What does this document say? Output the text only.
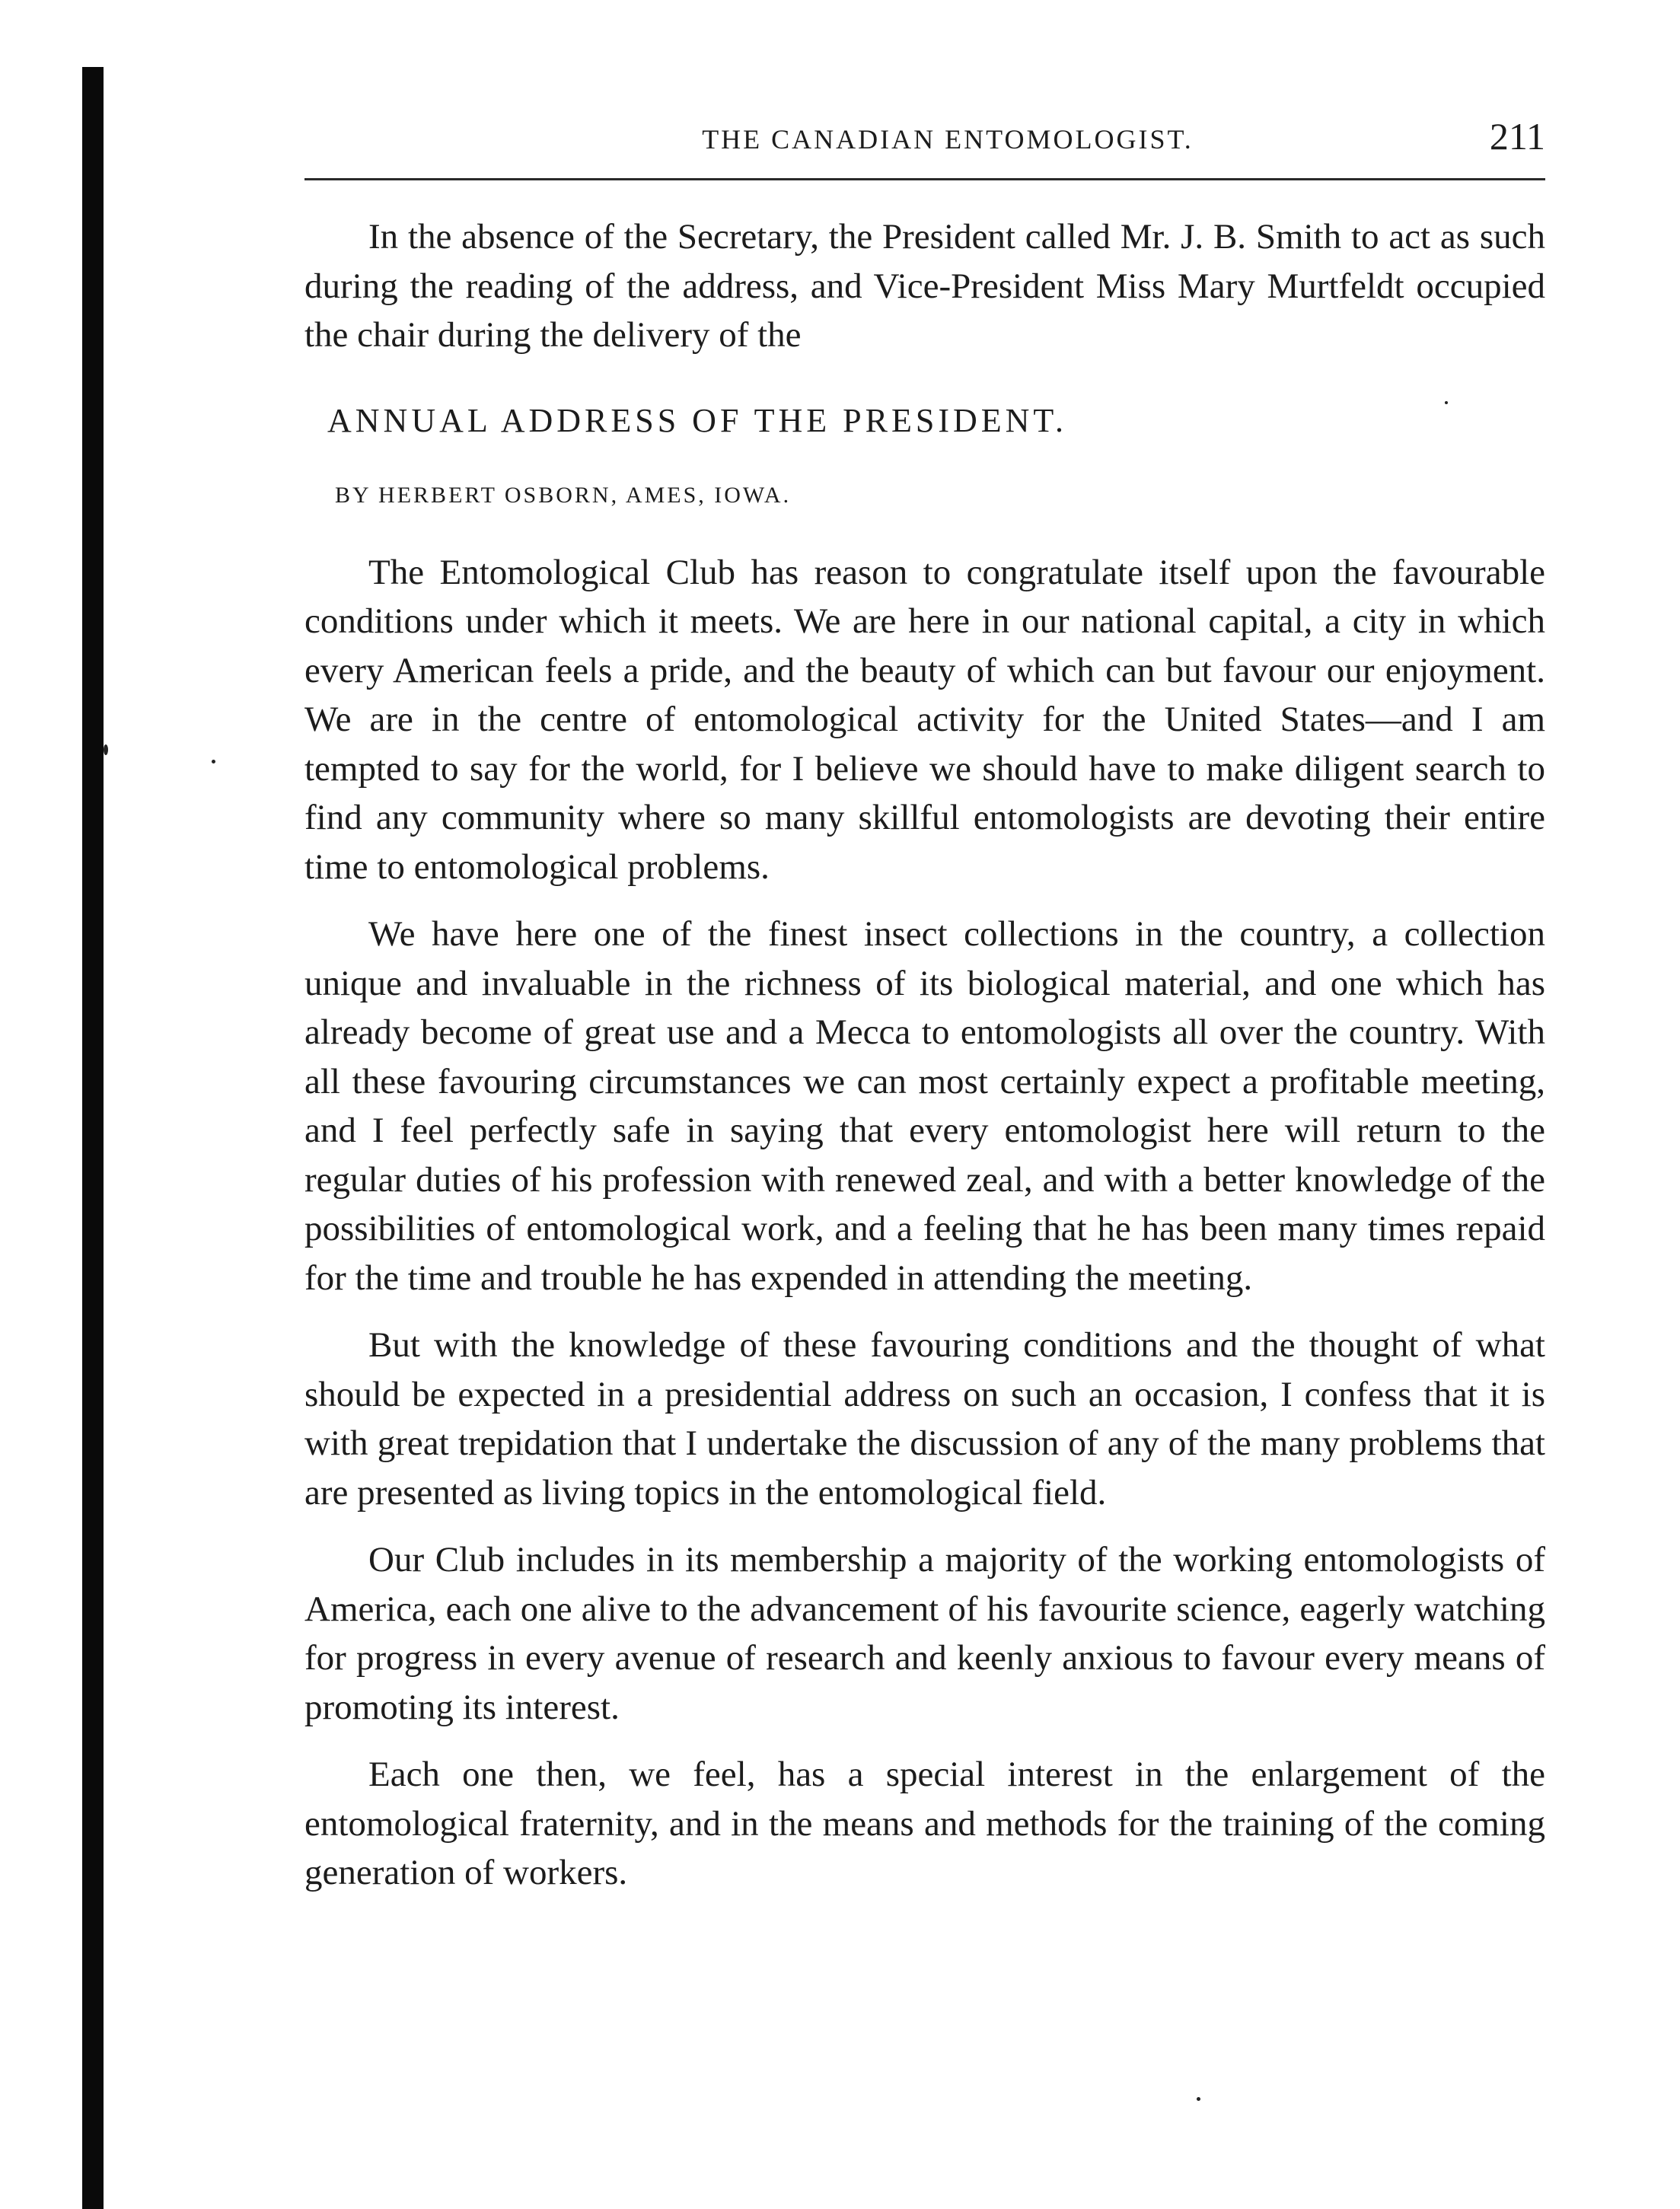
THE CANADIAN ENTOMOLOGIST.	211

In the absence of the Secretary, the President called Mr. J. B. Smith to act as such during the reading of the address, and Vice-President Miss Mary Murtfeldt occupied the chair during the delivery of the

ANNUAL ADDRESS OF THE PRESIDENT.
BY HERBERT OSBORN, AMES, IOWA.

The Entomological Club has reason to congratulate itself upon the favourable conditions under which it meets. We are here in our national capital, a city in which every American feels a pride, and the beauty of which can but favour our enjoyment. We are in the centre of entomological activity for the United States—and I am tempted to say for the world, for I believe we should have to make diligent search to find any community where so many skillful entomologists are devoting their entire time to entomological problems.

We have here one of the finest insect collections in the country, a collection unique and invaluable in the richness of its biological material, and one which has already become of great use and a Mecca to entomologists all over the country. With all these favouring circumstances we can most certainly expect a profitable meeting, and I feel perfectly safe in saying that every entomologist here will return to the regular duties of his profession with renewed zeal, and with a better knowledge of the possibilities of entomological work, and a feeling that he has been many times repaid for the time and trouble he has expended in attending the meeting.

But with the knowledge of these favouring conditions and the thought of what should be expected in a presidential address on such an occasion, I confess that it is with great trepidation that I undertake the discussion of any of the many problems that are presented as living topics in the entomological field.

Our Club includes in its membership a majority of the working entomologists of America, each one alive to the advancement of his favourite science, eagerly watching for progress in every avenue of research and keenly anxious to favour every means of promoting its interest.

Each one then, we feel, has a special interest in the enlargement of the entomological fraternity, and in the means and methods for the training of the coming generation of workers.
